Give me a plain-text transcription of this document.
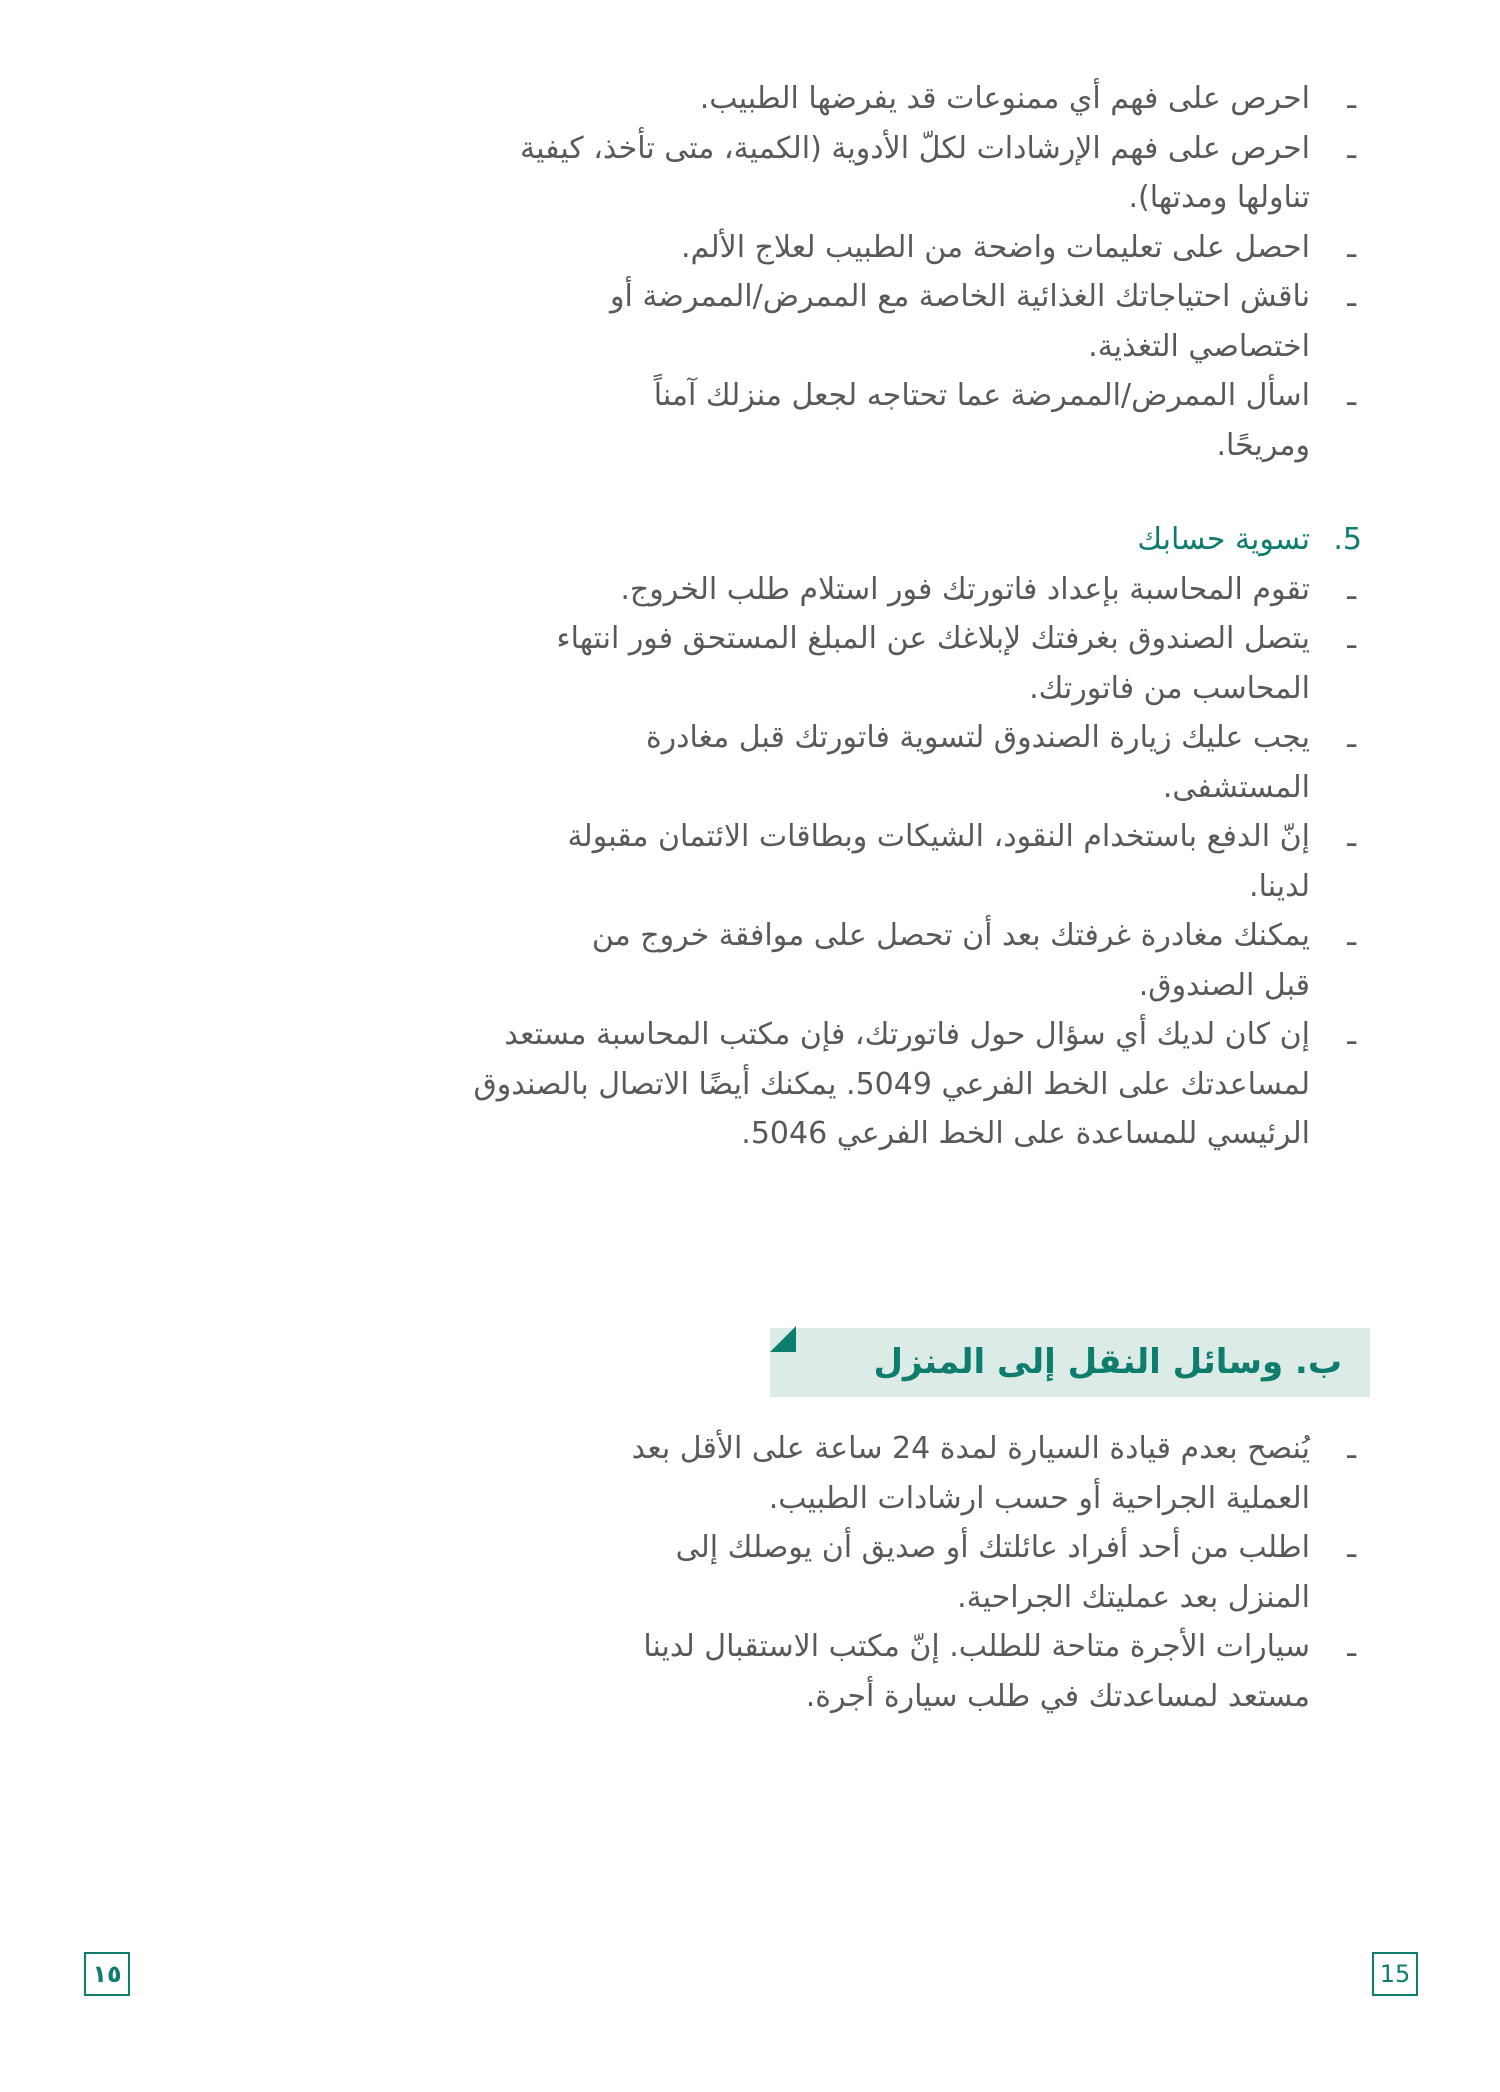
ـ
احرص على فهم أي ممنوعات قد يفرضها الطبيب.
ـ
احرص على فهم الإرشادات لكلّ الأدوية (الكمية، متى تأخذ، كيفية تناولها ومدتها).
ـ
احصل على تعليمات واضحة من الطبيب لعلاج الألم.
ـ
ناقش احتياجاتك الغذائية الخاصة مع الممرض/الممرضة أو اختصاصي التغذية.
ـ
اسأل الممرض/الممرضة عما تحتاجه لجعل منزلك آمناً ومريحًا.

5.
تسوية حسابك

ـ
تقوم المحاسبة بإعداد فاتورتك فور استلام طلب الخروج.
ـ
يتصل الصندوق بغرفتك لإبلاغك عن المبلغ المستحق فور انتهاء المحاسب من فاتورتك.
ـ
يجب عليك زيارة الصندوق لتسوية فاتورتك قبل مغادرة المستشفى.
ـ
إنّ الدفع باستخدام النقود، الشيكات وبطاقات الائتمان مقبولة لدينا.
ـ
يمكنك مغادرة غرفتك بعد أن تحصل على موافقة خروج من قبل الصندوق.
ـ
إن كان لديك أي سؤال حول فاتورتك، فإن مكتب المحاسبة مستعد لمساعدتك على الخط الفرعي 5049. يمكنك أيضًا الاتصال بالصندوق الرئيسي للمساعدة على الخط الفرعي 5046.
ب. وسائل النقل إلى المنزل
ـ
يُنصح بعدم قيادة السيارة لمدة 24 ساعة على الأقل بعد العملية الجراحية أو حسب ارشادات الطبيب.
ـ
اطلب من أحد أفراد عائلتك أو صديق أن يوصلك إلى المنزل بعد عمليتك الجراحية.
ـ
سيارات الأجرة متاحة للطلب. إنّ مكتب الاستقبال لدينا مستعد لمساعدتك في طلب سيارة أجرة.
15
١٥
